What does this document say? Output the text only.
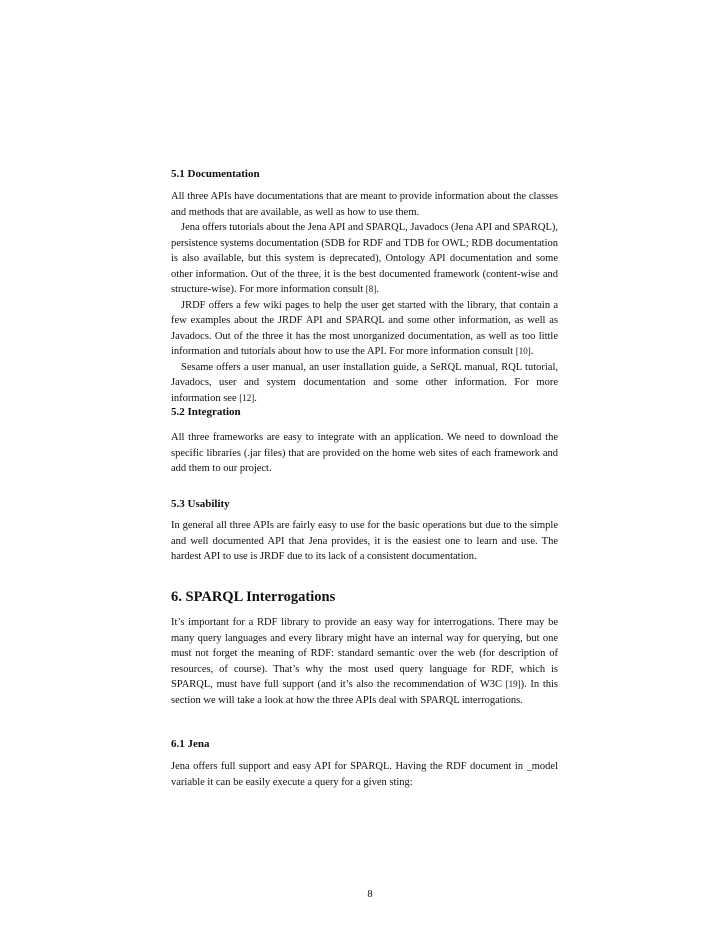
5.1 Documentation

All three APIs have documentations that are meant to provide information about the classes and methods that are available, as well as how to use them.

Jena offers tutorials about the Jena API and SPARQL, Javadocs (Jena API and SPARQL), persistence systems documentation (SDB for RDF and TDB for OWL; RDB documentation is also available, but this system is deprecated), Ontology API documentation and some other information. Out of the three, it is the best documented framework (content-wise and structure-wise). For more information consult [8].

JRDF offers a few wiki pages to help the user get started with the library, that contain a few examples about the JRDF API and SPARQL and some other information, as well as Javadocs. Out of the three it has the most unorganized documentation, as well as too little information and tutorials about how to use the API. For more information consult [10].

Sesame offers a user manual, an user installation guide, a SeRQL manual, RQL tutorial, Javadocs, user and system documentation and some other information. For more information see [12].

5.2 Integration

All three frameworks are easy to integrate with an application. We need to download the specific libraries (.jar files) that are provided on the home web sites of each framework and add them to our project.

5.3 Usability

In general all three APIs are fairly easy to use for the basic operations but due to the simple and well documented API that Jena provides, it is the easiest one to learn and use. The hardest API to use is JRDF due to its lack of a consistent documentation.

6. SPARQL Interrogations

It’s important for a RDF library to provide an easy way for interrogations. There may be many query languages and every library might have an internal way for querying, but one must not forget the meaning of RDF: standard semantic over the web (for description of resources, of course). That’s why the most used query language for RDF, which is SPARQL, must have full support (and it’s also the recommendation of W3C [19]). In this section we will take a look at how the three APIs deal with SPARQL interrogations.

6.1 Jena

Jena offers full support and easy API for SPARQL. Having the RDF document in _model variable it can be easily execute a query for a given sting:

8
